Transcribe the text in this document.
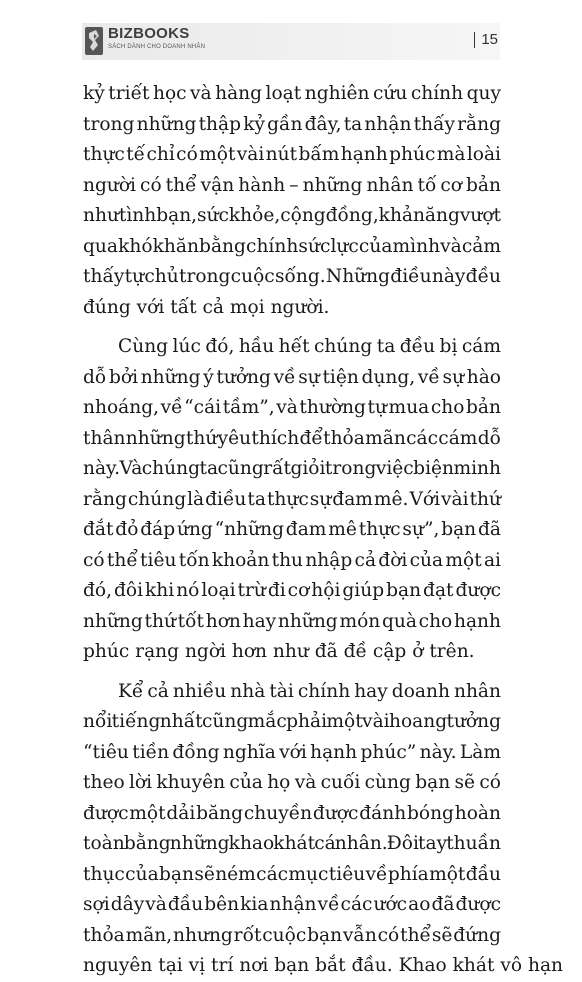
BIZBOOKS
SÁCH DÀNH CHO DOANH NHÂN	15

kỷ triết học và hàng loạt nghiên cứu chính quy
trong những thập kỷ gần đây, ta nhận thấy rằng
thực tế chỉ có một vài nút bấm hạnh phúc mà loài
người có thể vận hành – những nhân tố cơ bản
như tình bạn, sức khỏe, cộng đồng, khả năng vượt
qua khó khăn bằng chính sức lực của mình và cảm
thấy tự chủ trong cuộc sống. Những điều này đều
đúng với tất cả mọi người.

Cùng lúc đó, hầu hết chúng ta đều bị cám
dỗ bởi những ý tưởng về sự tiện dụng, về sự hào
nhoáng, về “cái tầm”, và thường tự mua cho bản
thân những thứ yêu thích để thỏa mãn các cám dỗ
này. Và chúng ta cũng rất giỏi trong việc biện minh
rằng chúng là điều ta thực sự đam mê. Với vài thứ
đắt đỏ đáp ứng “những đam mê thực sự”, bạn đã
có thể tiêu tốn khoản thu nhập cả đời của một ai
đó, đôi khi nó loại trừ đi cơ hội giúp bạn đạt được
những thứ tốt hơn hay những món quà cho hạnh
phúc rạng ngời hơn như đã đề cập ở trên.

Kể cả nhiều nhà tài chính hay doanh nhân
nổi tiếng nhất cũng mắc phải một vài hoang tưởng
“tiêu tiền đồng nghĩa với hạnh phúc” này. Làm
theo lời khuyên của họ và cuối cùng bạn sẽ có
được một dải băng chuyền được đánh bóng hoàn
toàn bằng những khao khát cá nhân. Đôi tay thuần
thục của bạn sẽ ném các mục tiêu về phía một đầu
sợi dây và đầu bên kia nhận về các ước ao đã được
thỏa mãn, nhưng rốt cuộc bạn vẫn có thể sẽ đứng
nguyên tại vị trí nơi bạn bắt đầu. Khao khát vô hạn
